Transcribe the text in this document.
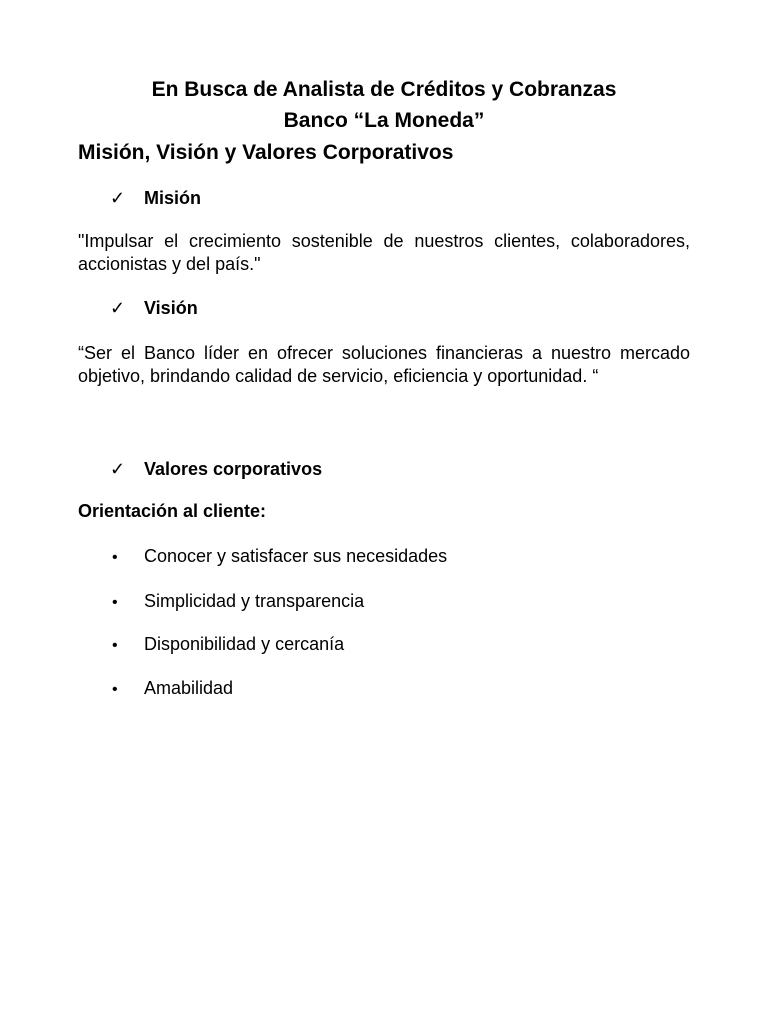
En Busca de Analista de Créditos y Cobranzas
Banco “La Moneda”
Misión, Visión y Valores Corporativos
✓	Misión

"Impulsar el crecimiento sostenible de nuestros clientes, colaboradores, accionistas y del país."

✓	Visión

“Ser el Banco líder en ofrecer soluciones financieras a nuestro mercado objetivo, brindando calidad de servicio, eficiencia y oportunidad. “

✓	Valores corporativos
Orientación al cliente:
• Conocer y satisfacer sus necesidades
• Simplicidad y transparencia
• Disponibilidad y cercanía
• Amabilidad
